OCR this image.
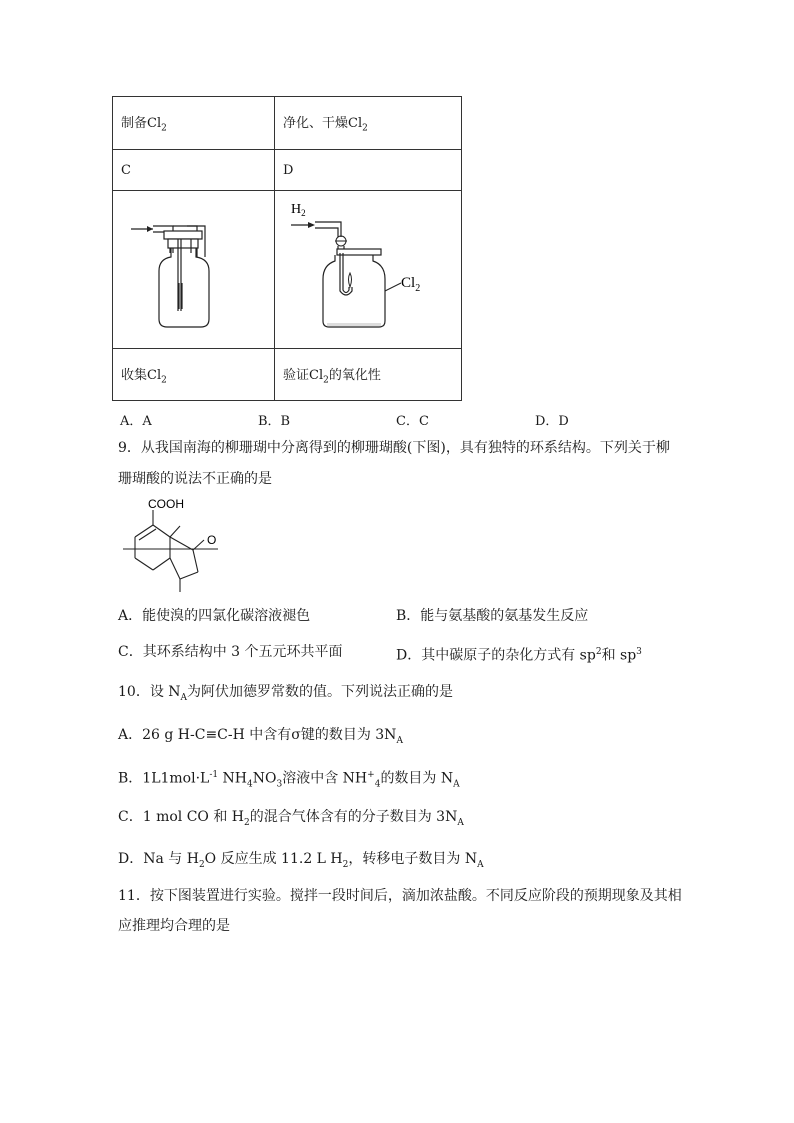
制备$Cl_2$	净化、干燥$Cl_2$
C	D

$H_2$
$Cl_2$

收集$Cl_2$	验证$Cl_2$的氧化性
A．A	B．B	C．C	D．D
9．从我国南海的柳珊瑚中分离得到的柳珊瑚酸(下图)，具有独特的环系结构。下列关于柳
珊瑚酸的说法不正确的是
COOH
O
A．能使溴的四氯化碳溶液褪色	B．能与氨基酸的氨基发生反应
C．其环系结构中 3 个五元环共平面	D．其中碳原子的杂化方式有 $sp^2$和 $sp^3$
10．设 $N_A$为阿伏加德罗常数的值。下列说法正确的是
A．26 g H-C≡C-H 中含有σ键的数目为 $3N_A$
B．$1L1mol\cdot L^{-1}$ $NH_4NO_3$溶液中含 $NH^+_4$的数目为 $N_A$
C．1 mol CO 和 $H_2$的混合气体含有的分子数目为 $3N_A$
D．Na 与 $H_2O$ 反应生成 11.2 L $H_2$，转移电子数目为 $N_A$
11．按下图装置进行实验。搅拌一段时间后，滴加浓盐酸。不同反应阶段的预期现象及其相
应推理均合理的是
